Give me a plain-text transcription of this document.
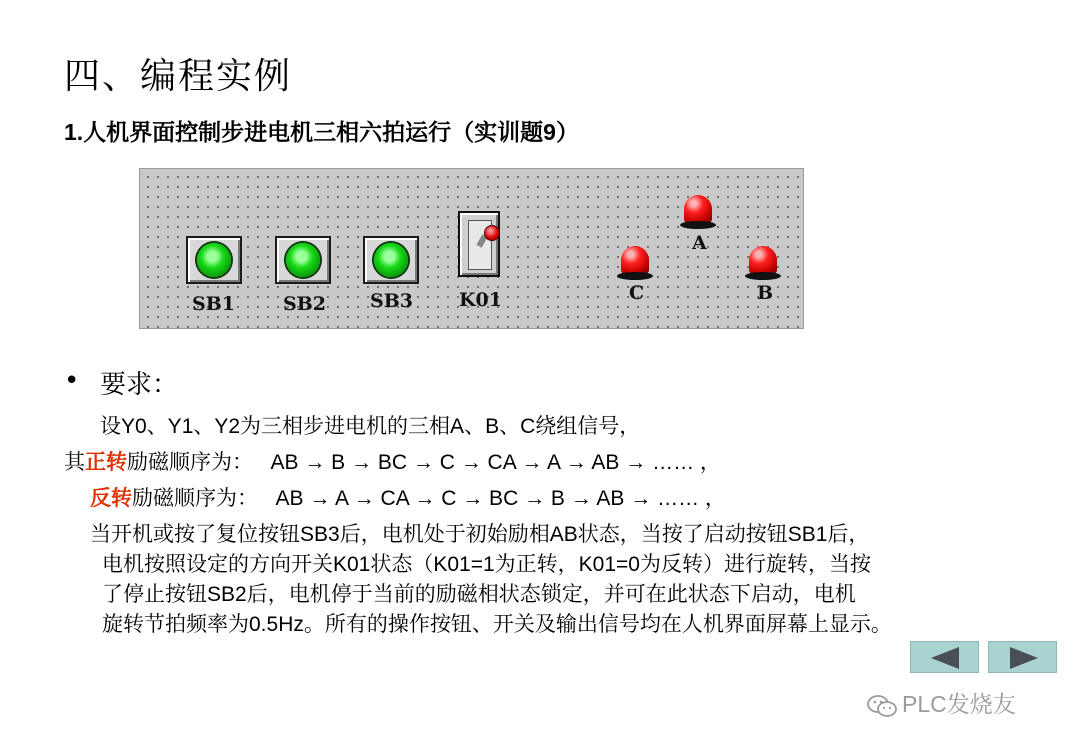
四、编程实例
1.人机界面控制步进电机三相六拍运行（实训题9）
SB1	SB2 SB3 K01
A
C	B
• 要求：
设Y0、Y1、Y2为三相步进电机的三相A、B、C绕组信号，
其正转励磁顺序为：   AB → B → BC → C → CA → A → AB → …… ，
反转励磁顺序为：   AB → A → CA → C → BC → B → AB → …… ，
当开机或按了复位按钮SB3后，电机处于初始励相AB状态，当按了启动按钮SB1后，
电机按照设定的方向开关K01状态（K01=1为正转，K01=0为反转）进行旋转，当按
了停止按钮SB2后，电机停于当前的励磁相状态锁定，并可在此状态下启动，电机
旋转节拍频率为0.5Hz。所有的操作按钮、开关及输出信号均在人机界面屏幕上显示。
PLC发烧友
